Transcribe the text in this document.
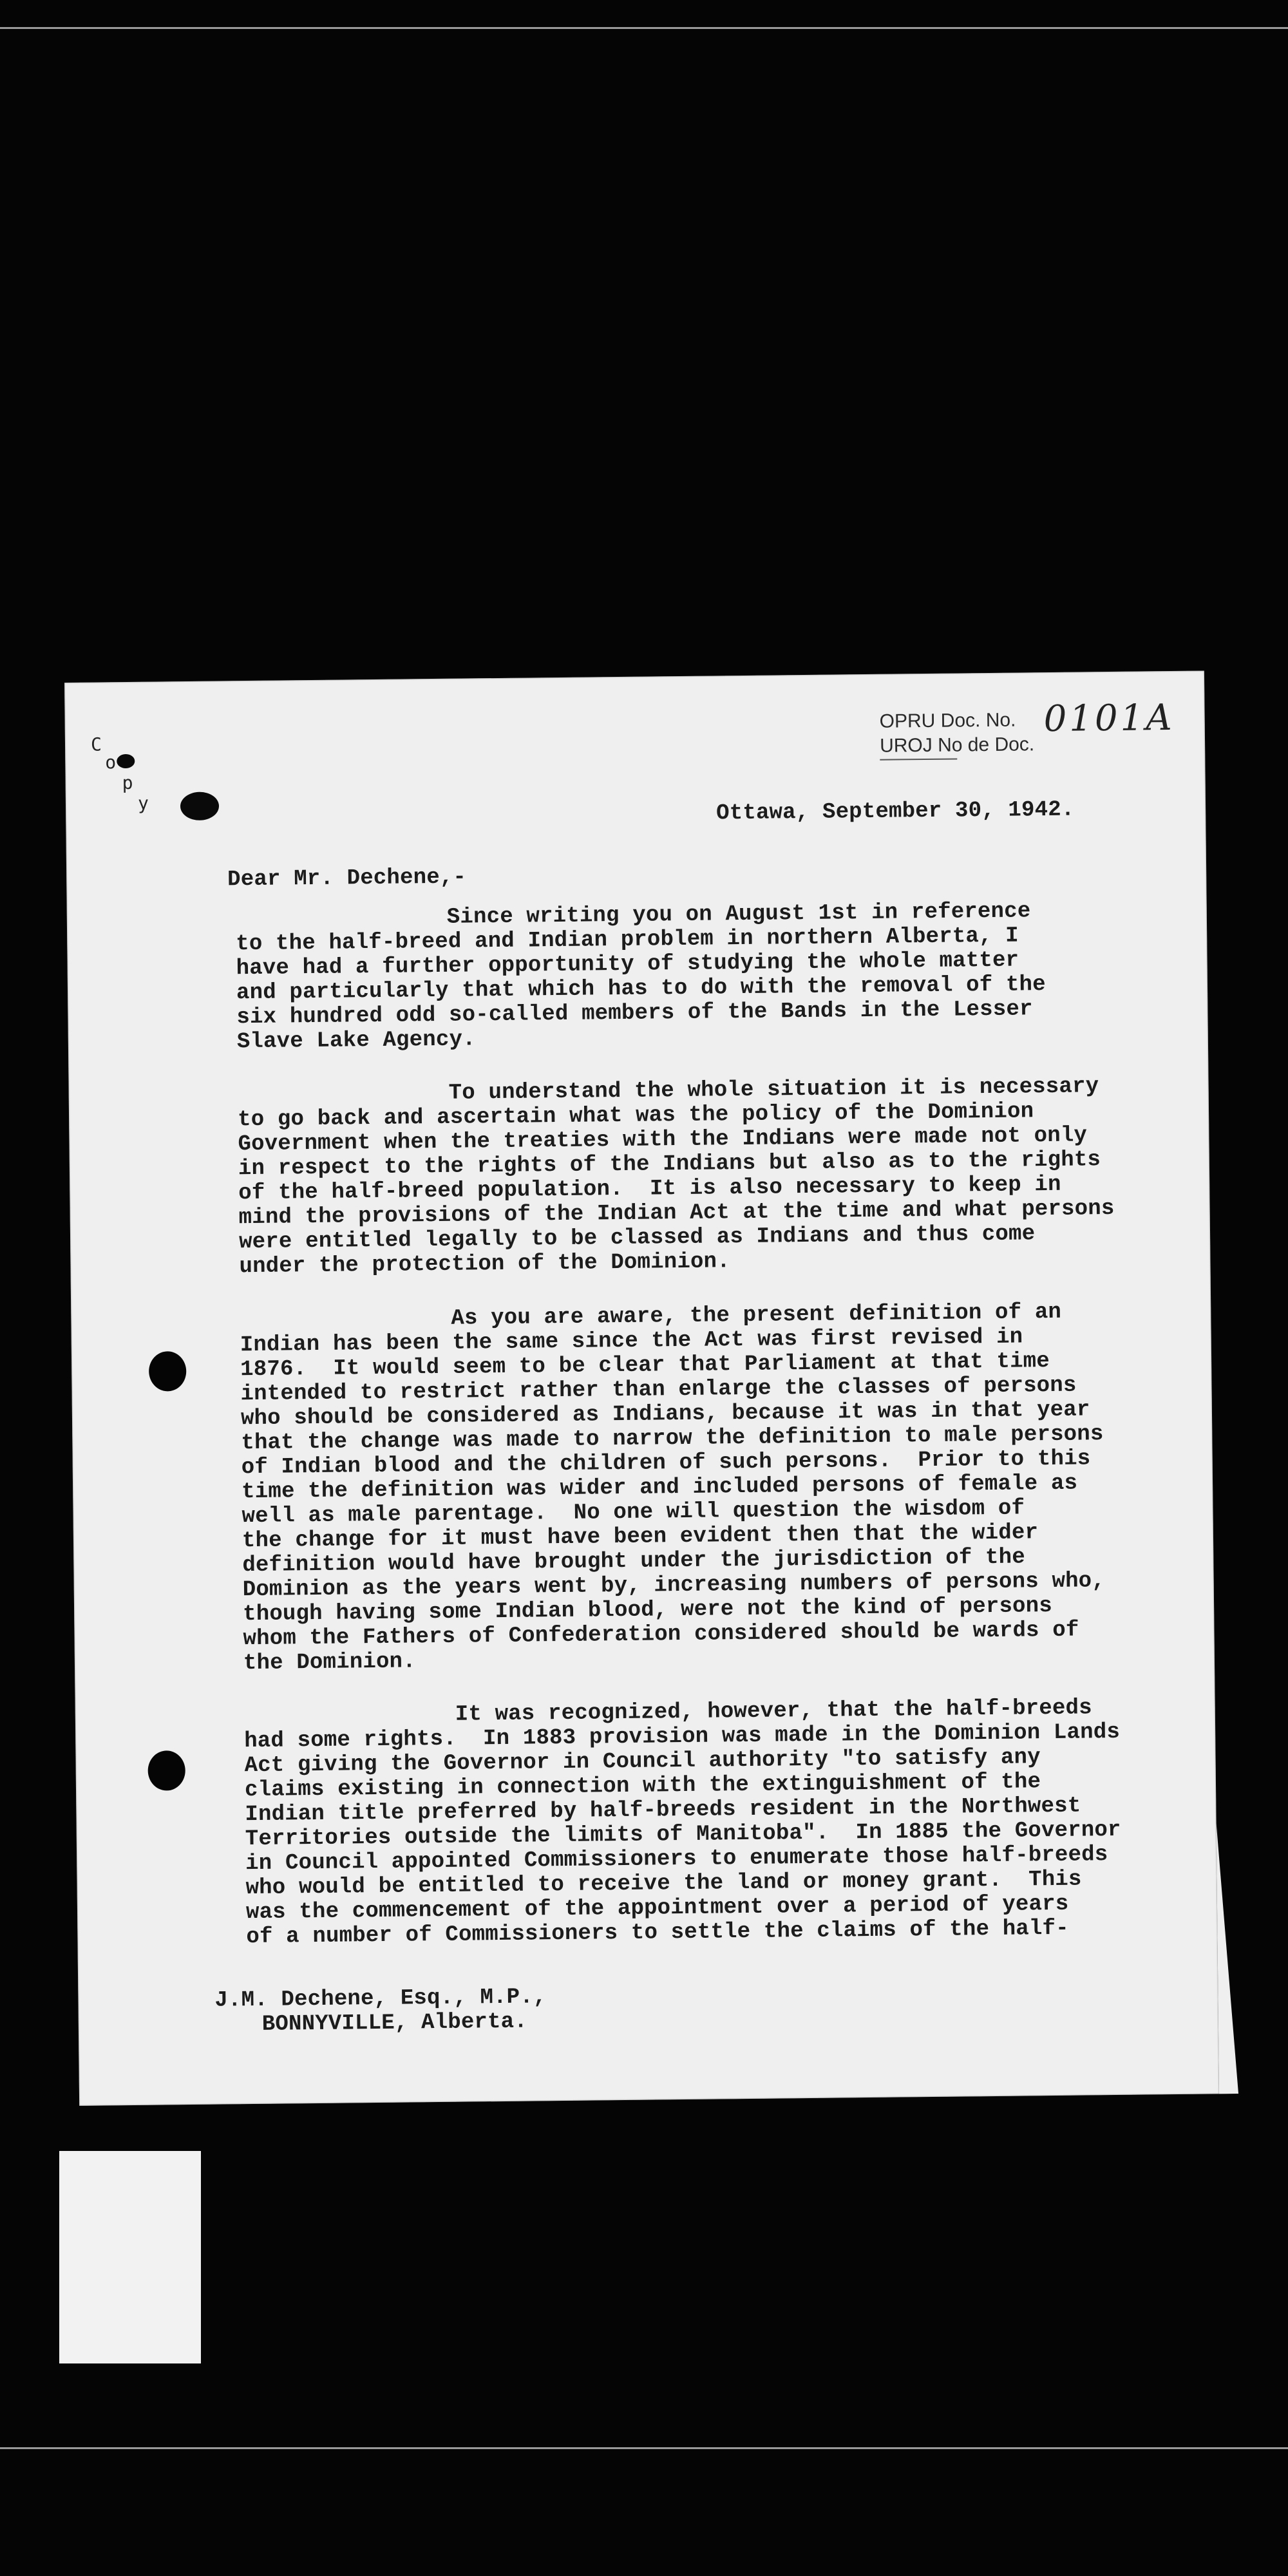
OPRU Doc. No.
UROJ No de Doc.
0101A
C
o
p
y	Ottawa, September 30, 1942.
Dear Mr. Dechene,-
Since writing you on August 1st in reference
to the half-breed and Indian problem in northern Alberta, I
have had a further opportunity of studying the whole matter
and particularly that which has to do with the removal of the
six hundred odd so-called members of the Bands in the Lesser
Slave Lake Agency.
To understand the whole situation it is necessary
to go back and ascertain what was the policy of the Dominion
Government when the treaties with the Indians were made not only
in respect to the rights of the Indians but also as to the rights
of the half-breed population.  It is also necessary to keep in
mind the provisions of the Indian Act at the time and what persons
were entitled legally to be classed as Indians and thus come
under the protection of the Dominion.
As you are aware, the present definition of an
Indian has been the same since the Act was first revised in
1876.  It would seem to be clear that Parliament at that time
intended to restrict rather than enlarge the classes of persons
who should be considered as Indians, because it was in that year
that the change was made to narrow the definition to male persons
of Indian blood and the children of such persons.  Prior to this
time the definition was wider and included persons of female as
well as male parentage.  No one will question the wisdom of
the change for it must have been evident then that the wider
definition would have brought under the jurisdiction of the
Dominion as the years went by, increasing numbers of persons who,
though having some Indian blood, were not the kind of persons
whom the Fathers of Confederation considered should be wards of
the Dominion.
It was recognized, however, that the half-breeds
had some rights.  In 1883 provision was made in the Dominion Lands
Act giving the Governor in Council authority "to satisfy any
claims existing in connection with the extinguishment of the
Indian title preferred by half-breeds resident in the Northwest
Territories outside the limits of Manitoba".  In 1885 the Governor
in Council appointed Commissioners to enumerate those half-breeds
who would be entitled to receive the land or money grant.  This
was the commencement of the appointment over a period of years
of a number of Commissioners to settle the claims of the half-
J.M. Dechene, Esq., M.P.,
BONNYVILLE, Alberta.
